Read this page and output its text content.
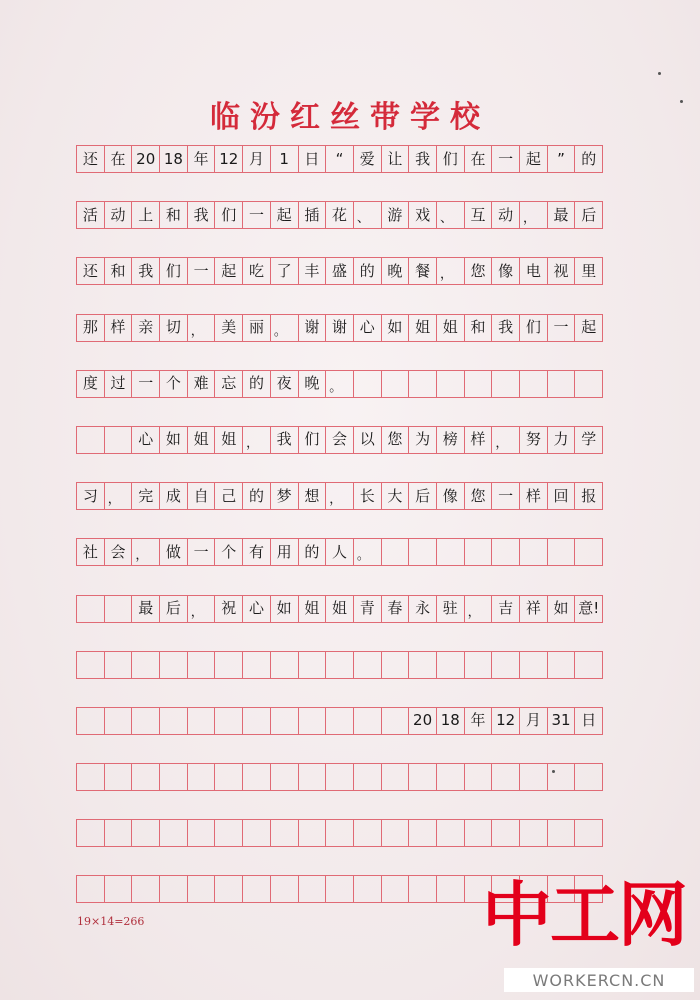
临汾红丝带学校
还 在 20 18 年 12 月	1	日	“	爱 让 我 们 在 一 起	”	的
活 动 上 和 我 们 一 起 插 花 、	游 戏 、	互 动 ，	最 后
还 和 我 们 一 起 吃 了 丰 盛 的 晚 餐 ，	您 像 电 视 里
那 样 亲 切 ，	美 丽 。	谢 谢 心 如 姐 姐 和 我 们 一 起
度 过 一 个 难 忘 的 夜 晚 。
心 如 姐 姐 ，	我 们 会 以 您 为 榜 样 ，	努 力 学
习 ，	完 成 自 己 的 梦 想 ，	长 大 后 像 您 一 样 回 报
社 会 ，	做 一 个 有 用 的 人 。
最 后 ，	祝 心 如 姐 姐 青 春 永 驻 ，	吉 祥 如 意!
20 18 年 12 月 31 日
19×14=266	中工网
WORKERCN.CN
